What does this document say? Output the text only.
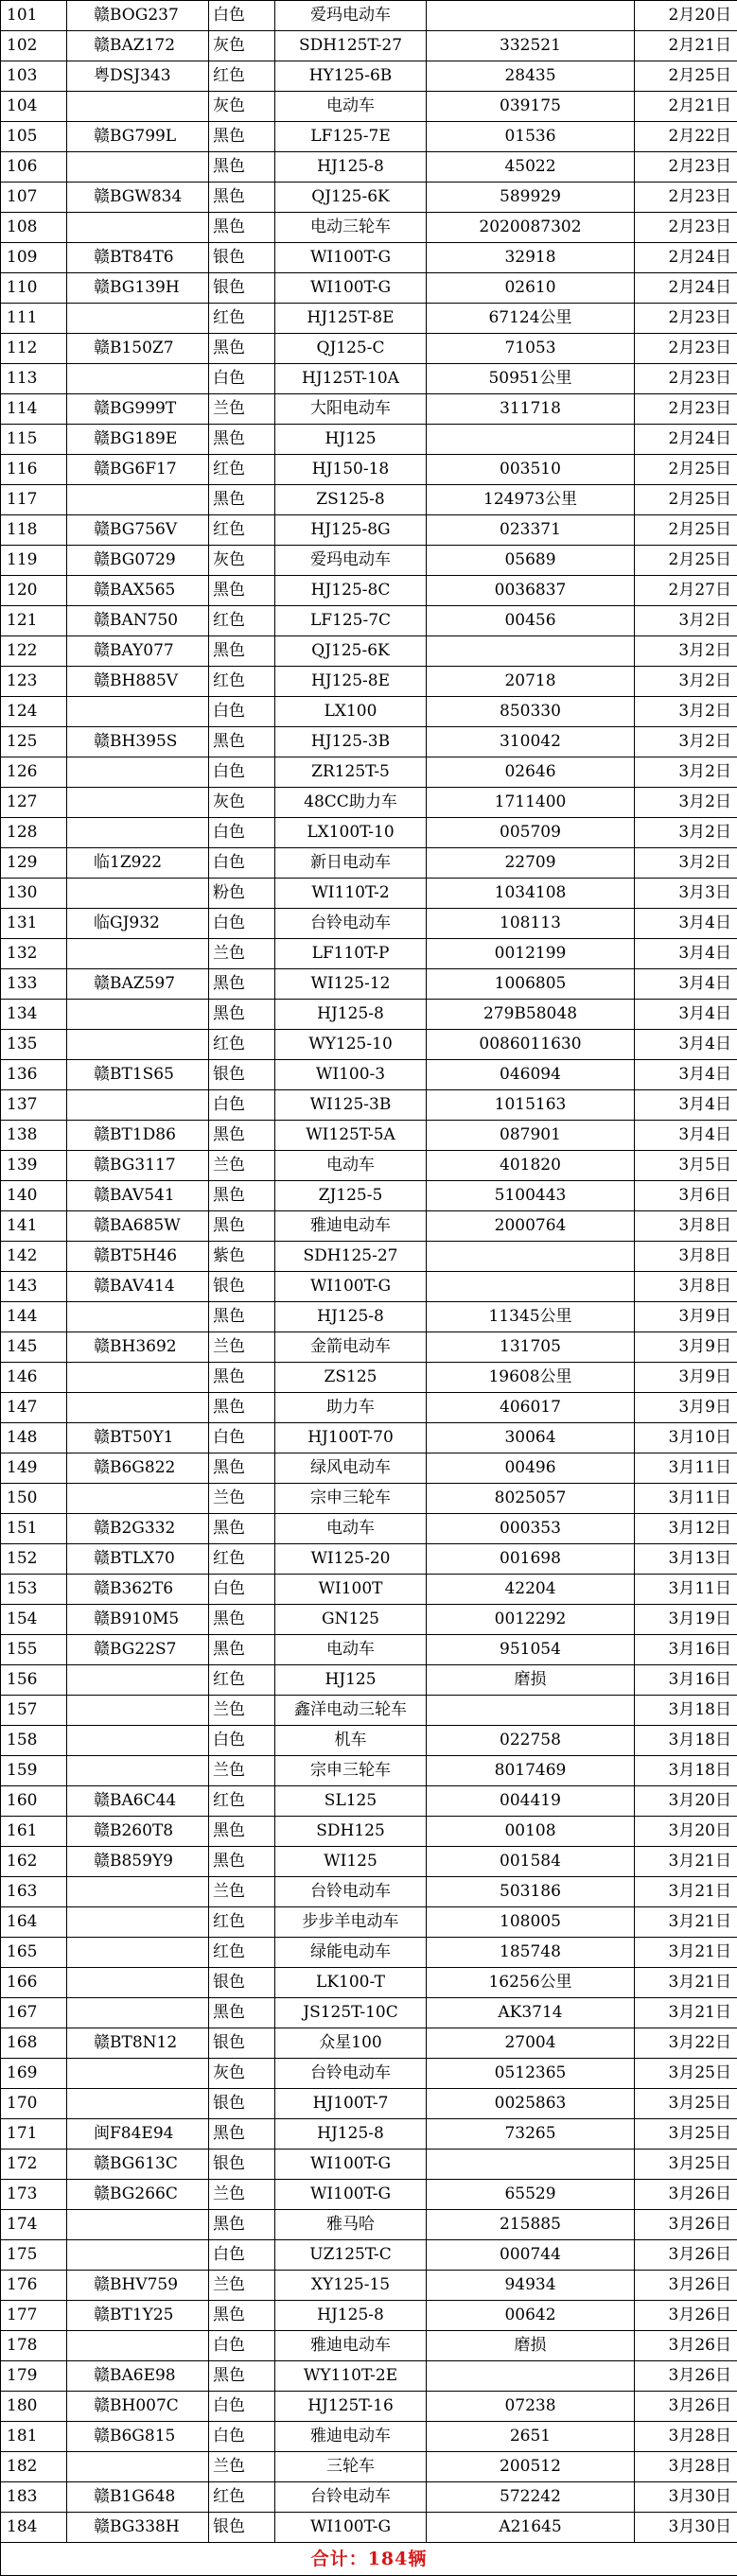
101	赣BOG237	白色	爱玛电动车		2月20日
102	赣BAZ172	灰色	SDH125T-27	332521	2月21日
103	粤DSJ343	红色	HY125-6B	28435	2月25日
104		灰色	电动车	039175	2月21日
105	赣BG799L	黑色	LF125-7E	01536	2月22日
106		黑色	HJ125-8	45022	2月23日
107	赣BGW834	黑色	QJ125-6K	589929	2月23日
108		黑色	电动三轮车	2020087302	2月23日
109	赣BT84T6	银色	WI100T-G	32918	2月24日
110	赣BG139H	银色	WI100T-G	02610	2月24日
111		红色	HJ125T-8E	67124公里	2月23日
112	赣B150Z7	黑色	QJ125-C	71053	2月23日
113		白色	HJ125T-10A	50951公里	2月23日
114	赣BG999T	兰色	大阳电动车	311718	2月23日
115	赣BG189E	黑色	HJ125		2月24日
116	赣BG6F17	红色	HJ150-18	003510	2月25日
117		黑色	ZS125-8	124973公里	2月25日
118	赣BG756V	红色	HJ125-8G	023371	2月25日
119	赣BG0729	灰色	爱玛电动车	05689	2月25日
120	赣BAX565	黑色	HJ125-8C	0036837	2月27日
121	赣BAN750	红色	LF125-7C	00456	3月2日
122	赣BAY077	黑色	QJ125-6K		3月2日
123	赣BH885V	红色	HJ125-8E	20718	3月2日
124		白色	LX100	850330	3月2日
125	赣BH395S	黑色	HJ125-3B	310042	3月2日
126		白色	ZR125T-5	02646	3月2日
127		灰色	48CC助力车	1711400	3月2日
128		白色	LX100T-10	005709	3月2日
129	临1Z922	白色	新日电动车	22709	3月2日
130		粉色	WI110T-2	1034108	3月3日
131	临GJ932	白色	台铃电动车	108113	3月4日
132		兰色	LF110T-P	0012199	3月4日
133	赣BAZ597	黑色	WI125-12	1006805	3月4日
134		黑色	HJ125-8	279B58048	3月4日
135		红色	WY125-10	0086011630	3月4日
136	赣BT1S65	银色	WI100-3	046094	3月4日
137		白色	WI125-3B	1015163	3月4日
138	赣BT1D86	黑色	WI125T-5A	087901	3月4日
139	赣BG3117	兰色	电动车	401820	3月5日
140	赣BAV541	黑色	ZJ125-5	5100443	3月6日
141	赣BA685W	黑色	雅迪电动车	2000764	3月8日
142	赣BT5H46	紫色	SDH125-27		3月8日
143	赣BAV414	银色	WI100T-G		3月8日
144		黑色	HJ125-8	11345公里	3月9日
145	赣BH3692	兰色	金箭电动车	131705	3月9日
146		黑色	ZS125	19608公里	3月9日
147		黑色	助力车	406017	3月9日
148	赣BT50Y1	白色	HJ100T-70	30064	3月10日
149	赣B6G822	黑色	绿风电动车	00496	3月11日
150		兰色	宗申三轮车	8025057	3月11日
151	赣B2G332	黑色	电动车	000353	3月12日
152	赣BTLX70	红色	WI125-20	001698	3月13日
153	赣B362T6	白色	WI100T	42204	3月11日
154	赣B910M5	黑色	GN125	0012292	3月19日
155	赣BG22S7	黑色	电动车	951054	3月16日
156		红色	HJ125	磨损	3月16日
157		兰色	鑫洋电动三轮车		3月18日
158		白色	机车	022758	3月18日
159		兰色	宗申三轮车	8017469	3月18日
160	赣BA6C44	红色	SL125	004419	3月20日
161	赣B260T8	黑色	SDH125	00108	3月20日
162	赣B859Y9	黑色	WI125	001584	3月21日
163		兰色	台铃电动车	503186	3月21日
164		红色	步步羊电动车	108005	3月21日
165		红色	绿能电动车	185748	3月21日
166		银色	LK100-T	16256公里	3月21日
167		黑色	JS125T-10C	AK3714	3月21日
168	赣BT8N12	银色	众星100	27004	3月22日
169		灰色	台铃电动车	0512365	3月25日
170		银色	HJ100T-7	0025863	3月25日
171	闽F84E94	黑色	HJ125-8	73265	3月25日
172	赣BG613C	银色	WI100T-G		3月25日
173	赣BG266C	兰色	WI100T-G	65529	3月26日
174		黑色	雅马哈	215885	3月26日
175		白色	UZ125T-C	000744	3月26日
176	赣BHV759	兰色	XY125-15	94934	3月26日
177	赣BT1Y25	黑色	HJ125-8	00642	3月26日
178		白色	雅迪电动车	磨损	3月26日
179	赣BA6E98	黑色	WY110T-2E		3月26日
180	赣BH007C	白色	HJ125T-16	07238	3月26日
181	赣B6G815	白色	雅迪电动车	2651	3月28日
182		兰色	三轮车	200512	3月28日
183	赣B1G648	红色	台铃电动车	572242	3月30日
184	赣BG338H	银色	WI100T-G	A21645	3月30日
合计：184辆					
